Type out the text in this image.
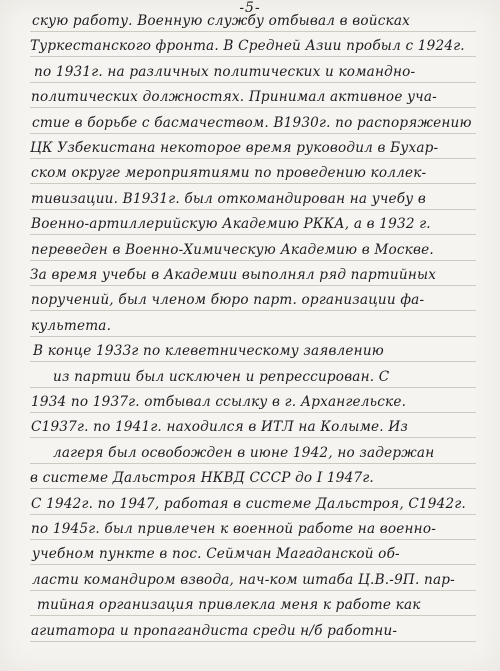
-5-
скую работу. Военную службу отбывал в войсках
Туркестанского фронта. В Средней Азии пробыл с 1924г.
по 1931г. на различных политических и командно-
политических должностях. Принимал активное уча-
стие в борьбе с басмачеством. В1930г. по распоряжению
ЦК Узбекистана некоторое время руководил в Бухар-
ском округе мероприятиями по проведению коллек-
тивизации. В1931г. был откомандирован на учебу в
Военно-артиллерийскую Академию РККА, а в 1932 г.
переведен в Военно-Химическую Академию в Москве.
За время учебы в Академии выполнял ряд партийных
поручений, был членом бюро парт. организации фа-
культета.
В конце 1933г по клеветническому заявлению
из партии был исключен и репрессирован. С
1934 по 1937г. отбывал ссылку в г. Архангельске.
С1937г. по 1941г. находился в ИТЛ на Колыме. Из
лагеря был освобожден в июне 1942, но задержан
в системе Дальстроя НКВД СССР до I 1947г.
С 1942г. по 1947, работая в системе Дальстроя, С1942г.
по 1945г. был привлечен к военной работе на военно-
учебном пункте в пос. Сеймчан Магаданской об-
ласти командиром взвода, нач-ком штаба Ц.В.-9П. пар-
тийная организация привлекла меня к работе как
агитатора и пропагандиста среди н/б работни-
